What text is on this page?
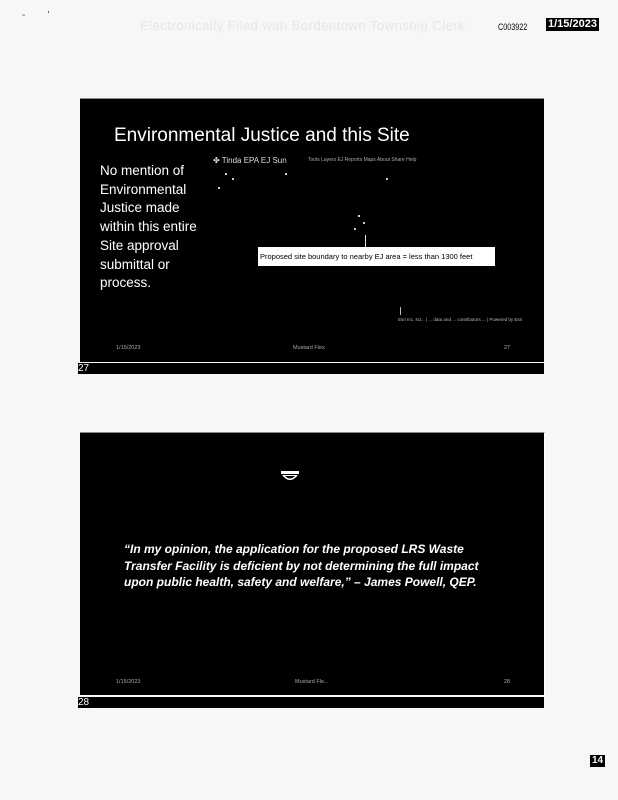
-        '
Electronically Filed with Bordentown Township Clerk	C003922 1/15/2023
Environmental Justice and this Site
No mention of Environmental Justice made within this entire Site approval submittal or process.
✤ Tinda EPA EJ Sun	Tools Layers EJ Reports Maps About Share Help
Proposed site boundary to nearby EJ area = less than 1300 feet
Esri Inc. NJ... | ... data and ... contributors ... | Powered by Esri
1/15/2023	Mustard Flex	27
27
“In my opinion, the application for the proposed LRS Waste Transfer Facility is deficient by not determining the full impact upon public health, safety and welfare,” – James Powell, QEP.
1/15/2023	Mustard Fle...	28
28
14
